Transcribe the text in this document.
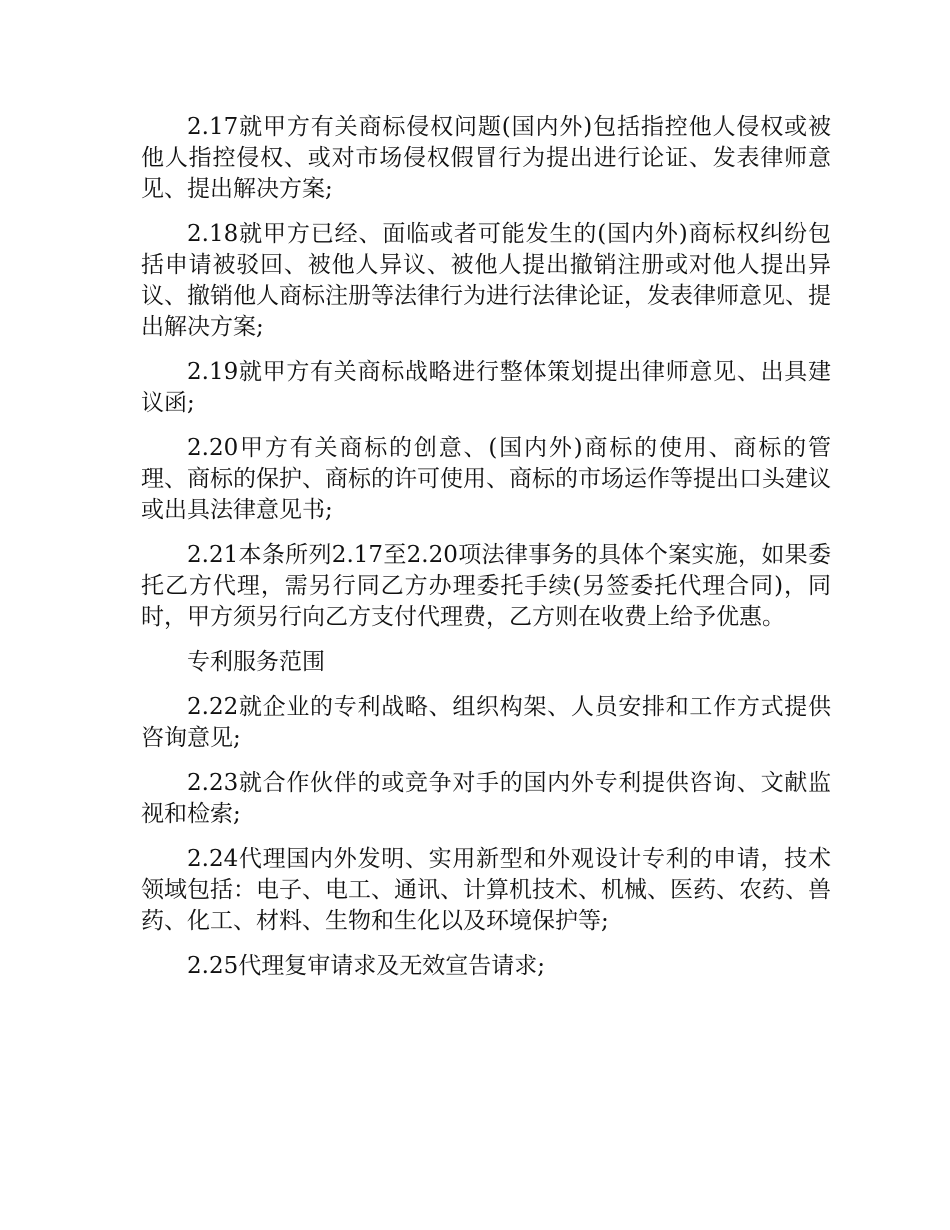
2.17就甲方有关商标侵权问题(国内外)包括指控他人侵权或被他人指控侵权、或对市场侵权假冒行为提出进行论证、发表律师意见、提出解决方案;

2.18就甲方已经、面临或者可能发生的(国内外)商标权纠纷包括申请被驳回、被他人异议、被他人提出撤销注册或对他人提出异议、撤销他人商标注册等法律行为进行法律论证，发表律师意见、提出解决方案;

2.19就甲方有关商标战略进行整体策划提出律师意见、出具建议函;

2.20甲方有关商标的创意、(国内外)商标的使用、商标的管理、商标的保护、商标的许可使用、商标的市场运作等提出口头建议或出具法律意见书;

2.21本条所列2.17至2.20项法律事务的具体个案实施，如果委托乙方代理，需另行同乙方办理委托手续(另签委托代理合同)，同时，甲方须另行向乙方支付代理费，乙方则在收费上给予优惠。

专利服务范围

2.22就企业的专利战略、组织构架、人员安排和工作方式提供咨询意见;

2.23就合作伙伴的或竞争对手的国内外专利提供咨询、文献监视和检索;

2.24代理国内外发明、实用新型和外观设计专利的申请，技术领域包括：电子、电工、通讯、计算机技术、机械、医药、农药、兽药、化工、材料、生物和生化以及环境保护等;

2.25代理复审请求及无效宣告请求;
